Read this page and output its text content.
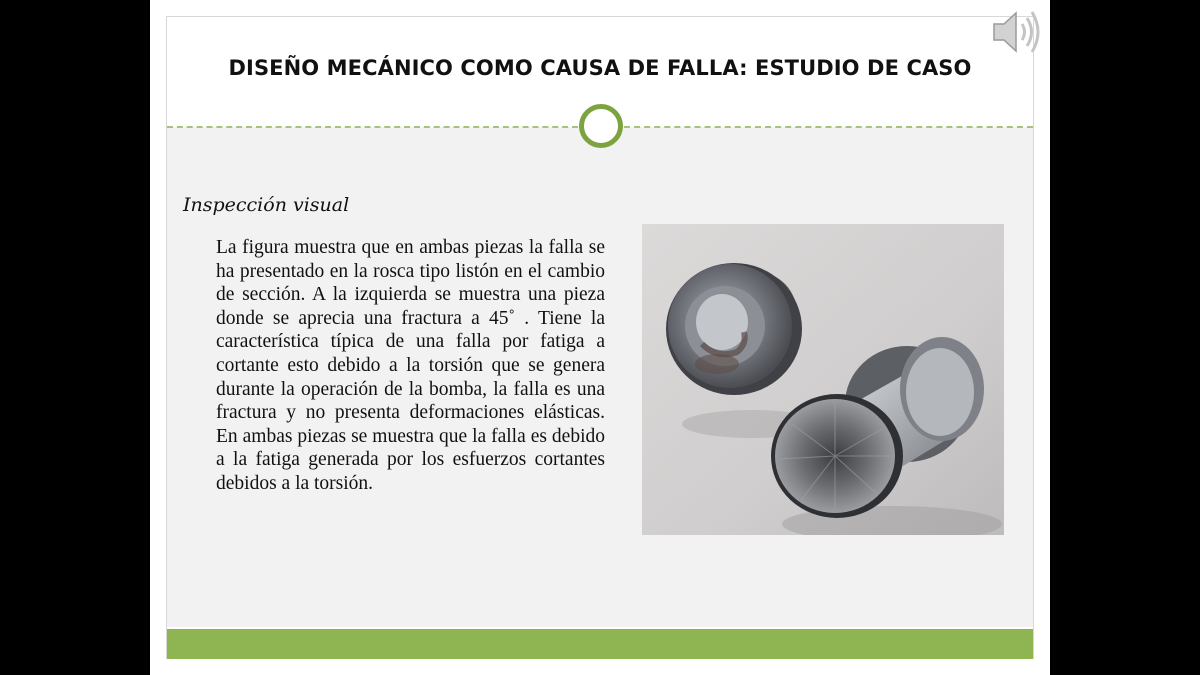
DISEÑO MECÁNICO COMO CAUSA DE FALLA: ESTUDIO DE CASO
Inspección visual

La figura muestra que en ambas piezas la falla se ha presentado en la rosca tipo listón en el cambio de sección. A la izquierda se muestra una pieza donde se aprecia una fractura a 45˚ . Tiene la característica típica de una falla por fatiga a cortante esto debido a la torsión que se genera durante la operación de la bomba, la falla es una fractura y no presenta deformaciones elásticas. En ambas piezas se muestra que la falla es debido a la fatiga generada por los esfuerzos cortantes debidos a la torsión.
